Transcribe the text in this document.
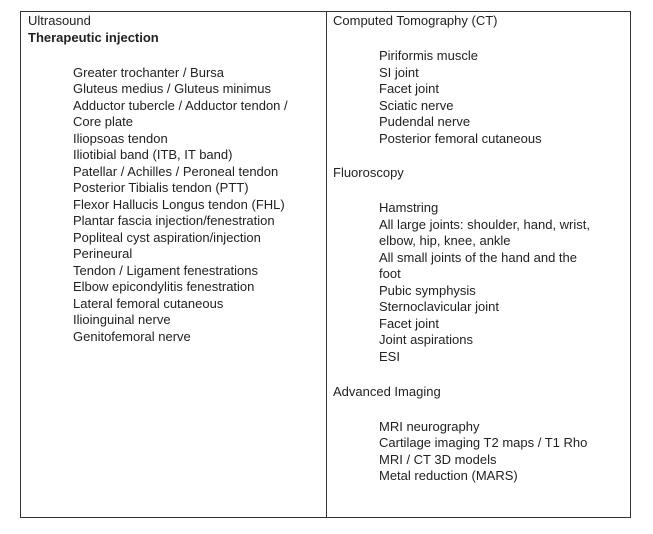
Ultrasound
Therapeutic injection
Greater trochanter / Bursa
Gluteus medius / Gluteus minimus
Adductor tubercle / Adductor tendon /
Core plate
Iliopsoas tendon
Iliotibial band (ITB, IT band)
Patellar / Achilles / Peroneal tendon
Posterior Tibialis tendon (PTT)
Flexor Hallucis Longus tendon (FHL)
Plantar fascia injection/fenestration
Popliteal cyst aspiration/injection
Perineural
Tendon / Ligament fenestrations
Elbow epicondylitis fenestration
Lateral femoral cutaneous
Ilioinguinal nerve
Genitofemoral nerve
Computed Tomography (CT)
Piriformis muscle
SI joint
Facet joint
Sciatic nerve
Pudendal nerve
Posterior femoral cutaneous
Fluoroscopy
Hamstring
All large joints: shoulder, hand, wrist,
elbow, hip, knee, ankle
All small joints of the hand and the
foot
Pubic symphysis
Sternoclavicular joint
Facet joint
Joint aspirations
ESI
Advanced Imaging
MRI neurography
Cartilage imaging T2 maps / T1 Rho
MRI / CT 3D models
Metal reduction (MARS)
